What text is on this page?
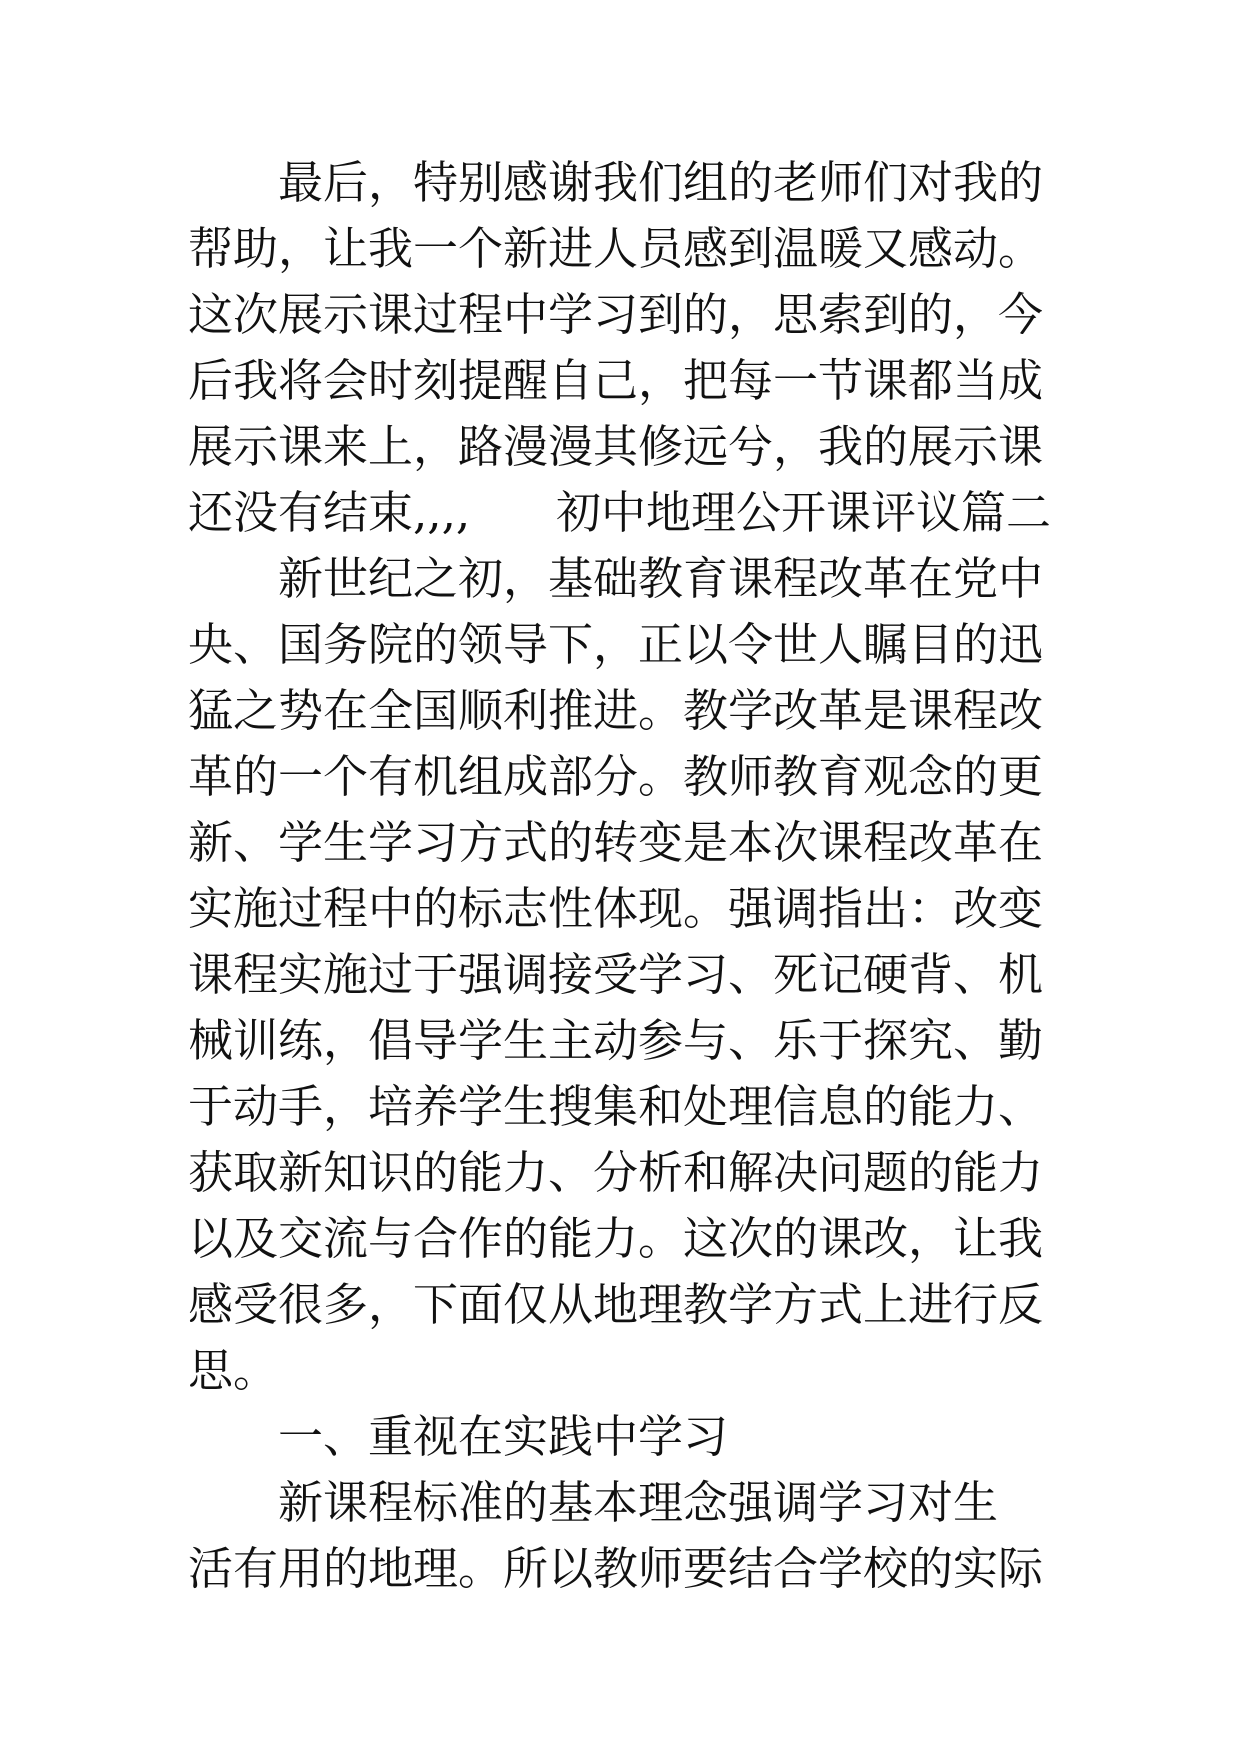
最后，特别感谢我们组的老师们对我的
帮助，让我一个新进人员感到温暖又感动。
这次展示课过程中学习到的，思索到的，今
后我将会时刻提醒自己，把每一节课都当成
展示课来上，路漫漫其修远兮，我的展示课
还没有结束,,,,      初中地理公开课评议篇二
新世纪之初，基础教育课程改革在党中
央、国务院的领导下，正以令世人瞩目的迅
猛之势在全国顺利推进。教学改革是课程改
革的一个有机组成部分。教师教育观念的更
新、学生学习方式的转变是本次课程改革在
实施过程中的标志性体现。强调指出：改变
课程实施过于强调接受学习、死记硬背、机
械训练，倡导学生主动参与、乐于探究、勤
于动手，培养学生搜集和处理信息的能力、
获取新知识的能力、分析和解决问题的能力
以及交流与合作的能力。这次的课改，让我
感受很多，下面仅从地理教学方式上进行反
思。
一、重视在实践中学习
新课程标准的基本理念强调学习对生
活有用的地理。所以教师要结合学校的实际
